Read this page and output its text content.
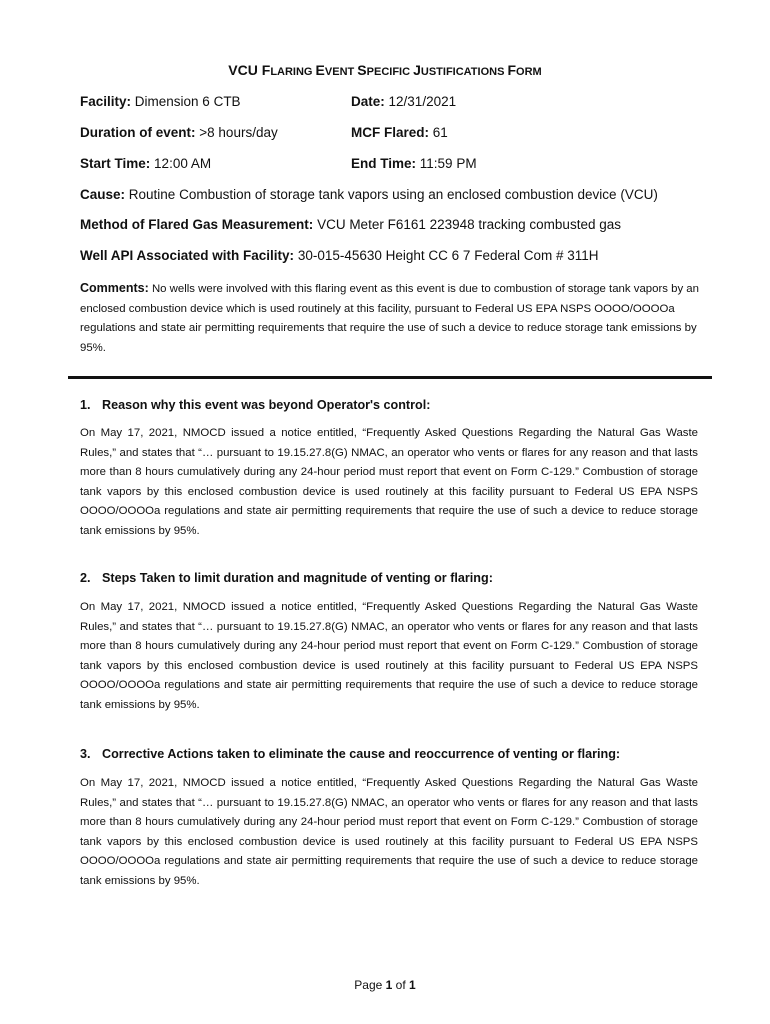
VCU FLARING EVENT SPECIFIC JUSTIFICATIONS FORM
Facility: Dimension 6 CTB	Date: 12/31/2021
Duration of event: >8 hours/day	MCF Flared: 61
Start Time: 12:00 AM	End Time: 11:59 PM
Cause: Routine Combustion of storage tank vapors using an enclosed combustion device (VCU)
Method of Flared Gas Measurement: VCU Meter F6161 223948 tracking combusted gas
Well API Associated with Facility: 30-015-45630 Height CC 6 7 Federal Com # 311H
Comments: No wells were involved with this flaring event as this event is due to combustion of storage tank vapors by an enclosed combustion device which is used routinely at this facility, pursuant to Federal US EPA NSPS OOOO/OOOOa regulations and state air permitting requirements that require the use of such a device to reduce storage tank emissions by 95%.
1. Reason why this event was beyond Operator's control:
On May 17, 2021, NMOCD issued a notice entitled, “Frequently Asked Questions Regarding the Natural Gas Waste Rules,” and states that “… pursuant to 19.15.27.8(G) NMAC, an operator who vents or flares for any reason and that lasts more than 8 hours cumulatively during any 24-hour period must report that event on Form C-129.” Combustion of storage tank vapors by this enclosed combustion device is used routinely at this facility pursuant to Federal US EPA NSPS OOOO/OOOOa regulations and state air permitting requirements that require the use of such a device to reduce storage tank emissions by 95%.
2. Steps Taken to limit duration and magnitude of venting or flaring:
On May 17, 2021, NMOCD issued a notice entitled, “Frequently Asked Questions Regarding the Natural Gas Waste Rules,” and states that “… pursuant to 19.15.27.8(G) NMAC, an operator who vents or flares for any reason and that lasts more than 8 hours cumulatively during any 24-hour period must report that event on Form C-129.” Combustion of storage tank vapors by this enclosed combustion device is used routinely at this facility pursuant to Federal US EPA NSPS OOOO/OOOOa regulations and state air permitting requirements that require the use of such a device to reduce storage tank emissions by 95%.
3. Corrective Actions taken to eliminate the cause and reoccurrence of venting or flaring:
On May 17, 2021, NMOCD issued a notice entitled, “Frequently Asked Questions Regarding the Natural Gas Waste Rules,” and states that “… pursuant to 19.15.27.8(G) NMAC, an operator who vents or flares for any reason and that lasts more than 8 hours cumulatively during any 24-hour period must report that event on Form C-129.” Combustion of storage tank vapors by this enclosed combustion device is used routinely at this facility pursuant to Federal US EPA NSPS OOOO/OOOOa regulations and state air permitting requirements that require the use of such a device to reduce storage tank emissions by 95%.
Page 1 of 1
